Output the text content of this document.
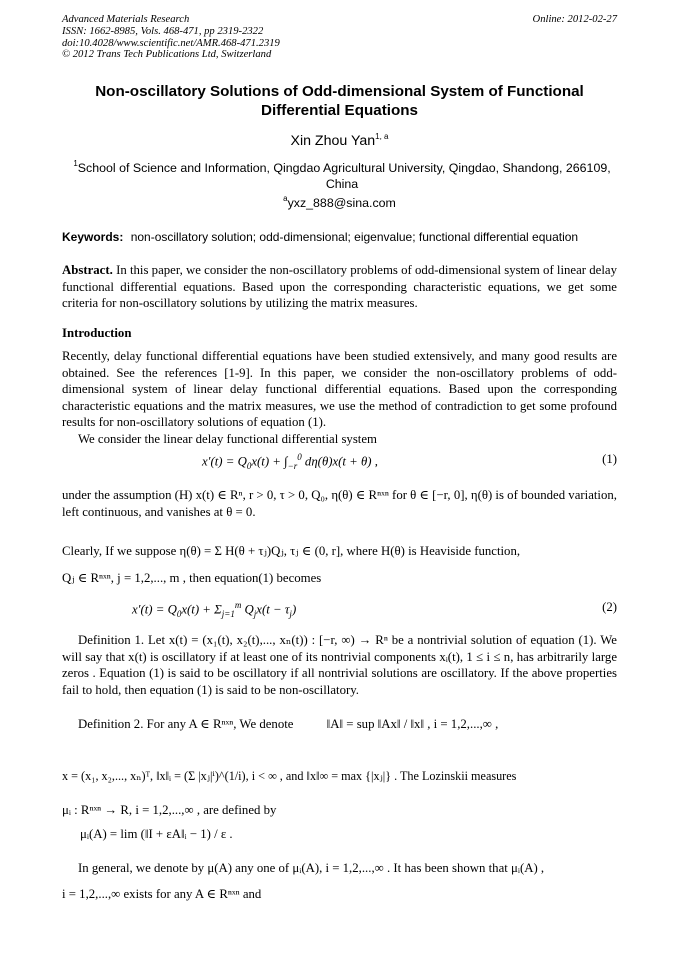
Advanced Materials Research
ISSN: 1662-8985, Vols. 468-471, pp 2319-2322
doi:10.4028/www.scientific.net/AMR.468-471.2319
© 2012 Trans Tech Publications Ltd, Switzerland
Online: 2012-02-27
Non-oscillatory Solutions of Odd-dimensional System of Functional
Differential Equations
Xin Zhou Yan$^{1, a}$
$^1$School of Science and Information, Qingdao Agricultural University, Qingdao, Shandong, 266109,
China
$^a$yxz_888@sina.com
Keywords: non-oscillatory solution; odd-dimensional; eigenvalue; functional differential equation
Abstract. In this paper, we consider the non-oscillatory problems of odd-dimensional system of linear delay functional differential equations. Based upon the corresponding characteristic equations, we get some criteria for non-oscillatory solutions by utilizing the matrix measures.
Introduction
Recently, delay functional differential equations have been studied extensively, and many good results are obtained. See the references [1-9]. In this paper, we consider the non-oscillatory problems of odd-dimensional system of linear delay functional differential equations. Based upon the corresponding characteristic equations and the matrix measures, we use the method of contradiction to get some profound results for non-oscillatory solutions of equation (1).
We consider the linear delay functional differential system
$x'(t) = Q_0x(t) + \int_{-r}^0$ dη(θ)x(t + θ) ,	(1)
under the assumption (H) x(t) ∈ Rⁿ, r > 0, τ > 0, Q₀, η(θ) ∈ Rⁿˣⁿ for θ ∈ [−r, 0], η(θ) is of bounded variation, left continuous, and vanishes at θ = 0.
Clearly, If we suppose η(θ) = Σ H(θ + τⱼ)Qⱼ, τⱼ ∈ (0, r], where H(θ) is Heaviside function,
Qⱼ ∈ Rⁿˣⁿ, j = 1,2,..., m , then equation(1) becomes
$x'(t) = Q_0x(t) + \Sigma_{j=1}^m$ $Q_jx(t - \tau_j)$	(2)
Definition 1. Let x(t) = (x₁(t), x₂(t),..., xₙ(t)) : [−r, ∞) → Rⁿ be a nontrivial solution of equation (1). We will say that x(t) is oscillatory if at least one of its nontrivial components xᵢ(t), 1 ≤ i ≤ n, has arbitrarily large zeros . Equation (1) is said to be oscillatory if all nontrivial solutions are oscillatory. If the above properties fail to hold, then equation (1) is said to be non-oscillatory.
Definition 2. For any A ∈ Rⁿˣⁿ, We denote	‖A‖ = sup ‖Ax‖ / ‖x‖ , i = 1,2,...,∞ ,
x = (x₁, x₂,..., xₙ)ᵀ, ‖x‖ᵢ = (Σ |xⱼ|ⁱ)^(1/i), i < ∞ , and ‖x‖∞ = max {|xⱼ|} . The Lozinskii measures
μᵢ : Rⁿˣⁿ → R, i = 1,2,...,∞ , are defined by
μᵢ(A) = lim (‖I + εA‖ᵢ − 1) / ε .
In general, we denote by μ(A) any one of μᵢ(A), i = 1,2,...,∞ . It has been shown that μᵢ(A) ,
i = 1,2,...,∞ exists for any A ∈ Rⁿˣⁿ and
